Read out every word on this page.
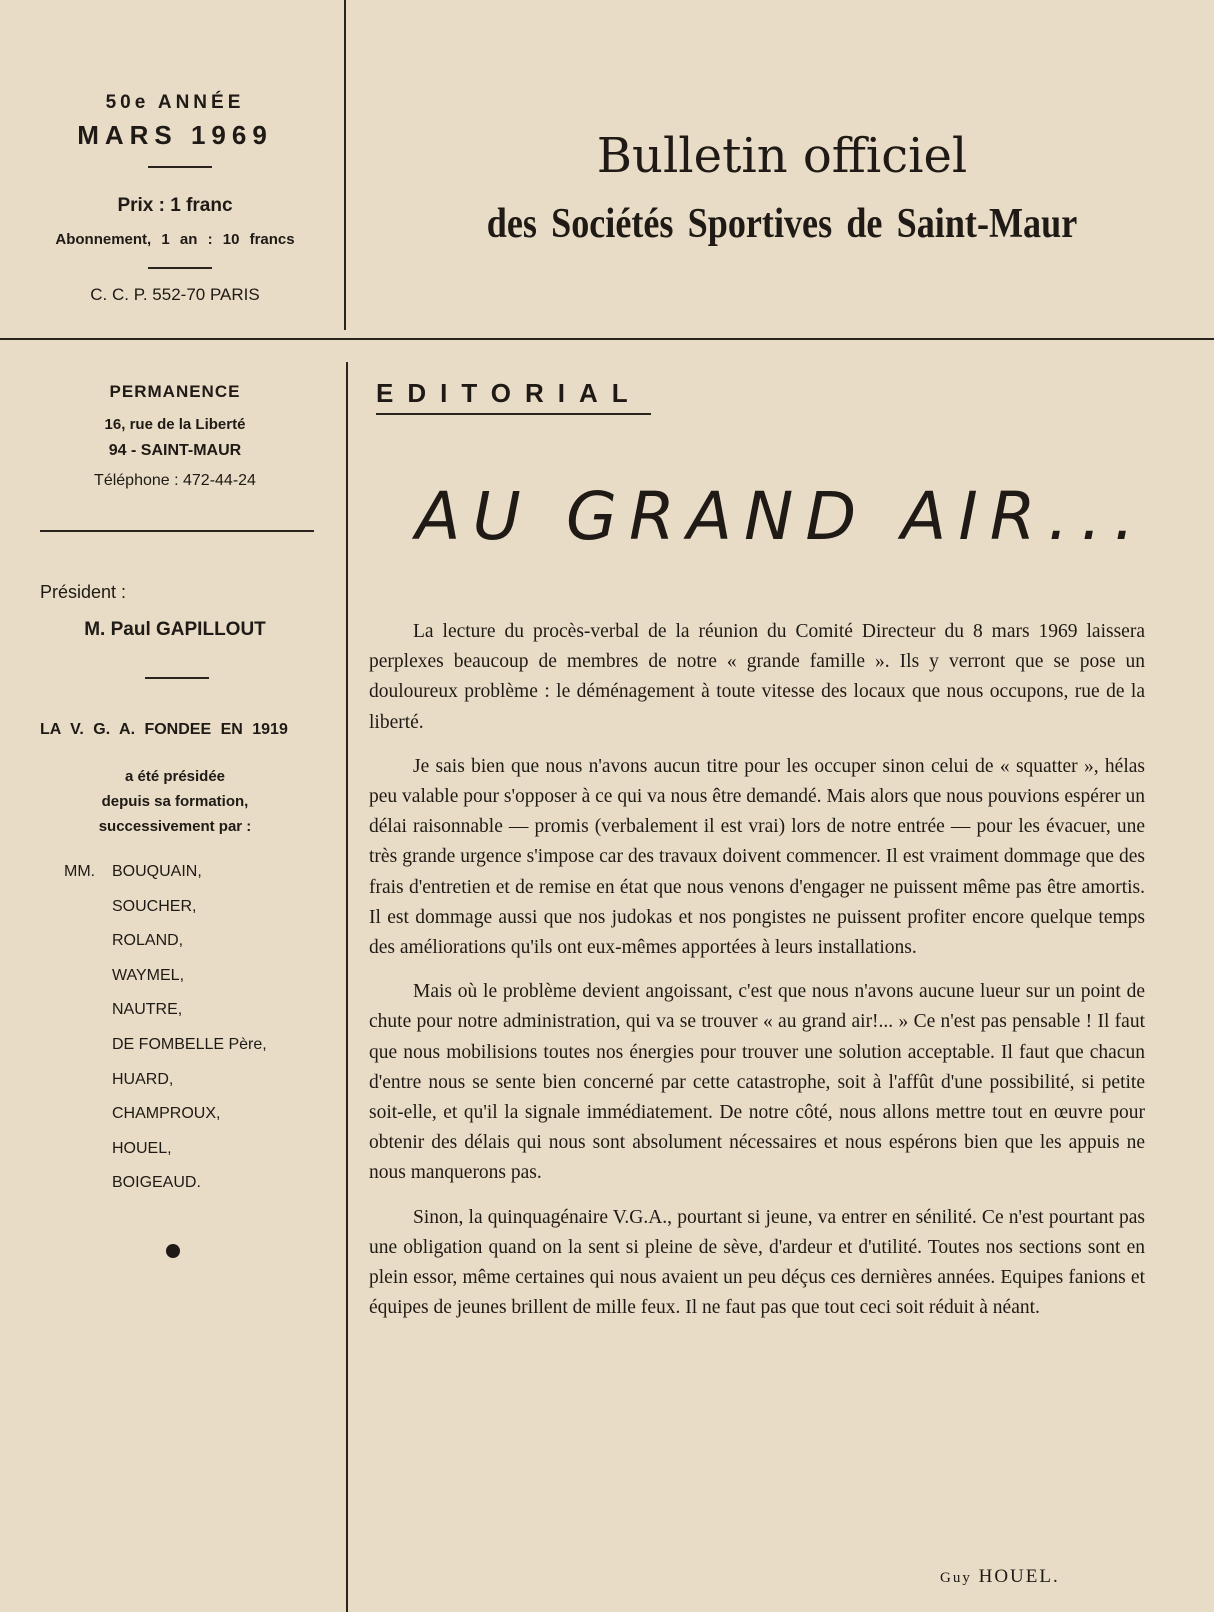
50e ANNÉE
MARS 1969
Prix : 1 franc
Abonnement, 1 an : 10 francs
C. C. P. 552-70 PARIS
Bulletin officiel
des Sociétés Sportives de Saint-Maur
PERMANENCE
16, rue de la Liberté
94 - SAINT-MAUR
Téléphone : 472-44-24
Président :
M. Paul GAPILLOUT
LA V. G. A. FONDEE EN 1919
a été présidée
depuis sa formation,
successivement par :
MM. BOUQUAIN,
SOUCHER,
ROLAND,
WAYMEL,
NAUTRE,
DE FOMBELLE Père,
HUARD,
CHAMPROUX,
HOUEL,
BOIGEAUD.
EDITORIAL
AU GRAND AIR...

La lecture du procès-verbal de la réunion du Comité Directeur du 8 mars 1969 laissera perplexes beaucoup de membres de notre « grande famille ». Ils y verront que se pose un douloureux problème : le déménagement à toute vitesse des locaux que nous occupons, rue de la liberté.

Je sais bien que nous n'avons aucun titre pour les occuper sinon celui de « squatter », hélas peu valable pour s'opposer à ce qui va nous être demandé. Mais alors que nous pouvions espérer un délai raisonnable — promis (verbalement il est vrai) lors de notre entrée — pour les évacuer, une très grande urgence s'impose car des travaux doivent commencer. Il est vraiment dommage que des frais d'entretien et de remise en état que nous venons d'engager ne puissent même pas être amortis. Il est dommage aussi que nos judokas et nos pongistes ne puissent profiter encore quelque temps des améliorations qu'ils ont eux-mêmes apportées à leurs installations.

Mais où le problème devient angoissant, c'est que nous n'avons aucune lueur sur un point de chute pour notre administration, qui va se trouver « au grand air!... » Ce n'est pas pensable ! Il faut que nous mobilisions toutes nos énergies pour trouver une solution acceptable. Il faut que chacun d'entre nous se sente bien concerné par cette catastrophe, soit à l'affût d'une possibilité, si petite soit-elle, et qu'il la signale immédiatement. De notre côté, nous allons mettre tout en œuvre pour obtenir des délais qui nous sont absolument nécessaires et nous espérons bien que les appuis ne nous manquerons pas.

Sinon, la quinquagénaire V.G.A., pourtant si jeune, va entrer en sénilité. Ce n'est pourtant pas une obligation quand on la sent si pleine de sève, d'ardeur et d'utilité. Toutes nos sections sont en plein essor, même certaines qui nous avaient un peu déçus ces dernières années. Equipes fanions et équipes de jeunes brillent de mille feux. Il ne faut pas que tout ceci soit réduit à néant.

Guy HOUEL.
